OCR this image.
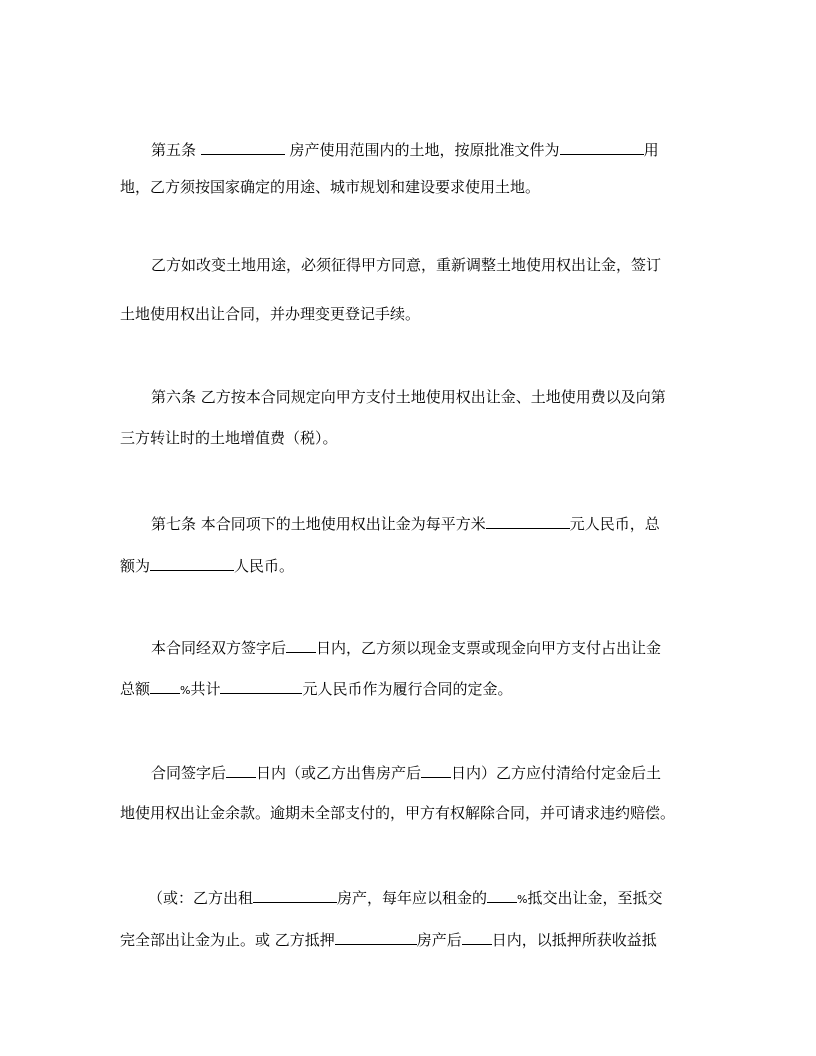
第五条	房产使用范围内的土地，按原批准文件为	用
地，乙方须按国家确定的用途、城市规划和建设要求使用土地。
乙方如改变土地用途，必须征得甲方同意，重新调整土地使用权出让金，签订
土地使用权出让合同，并办理变更登记手续。
第六条 乙方按本合同规定向甲方支付土地使用权出让金、土地使用费以及向第
三方转让时的土地增值费（税）。
第七条 本合同项下的土地使用权出让金为每平方米	元人民币，总
额为	人民币。
本合同经双方签字后 日内，乙方须以现金支票或现金向甲方支付占出让金
总额	%共计	元人民币作为履行合同的定金。
合同签字后 日内（或乙方出售房产后 日内）乙方应付清给付定金后土
地使用权出让金余款。逾期未全部支付的，甲方有权解除合同，并可请求违约赔偿。
（或：乙方出租	房产，每年应以租金的	%抵交出让金，至抵交
完全部出让金为止。或 乙方抵押	房产后 日内，以抵押所获收益抵
